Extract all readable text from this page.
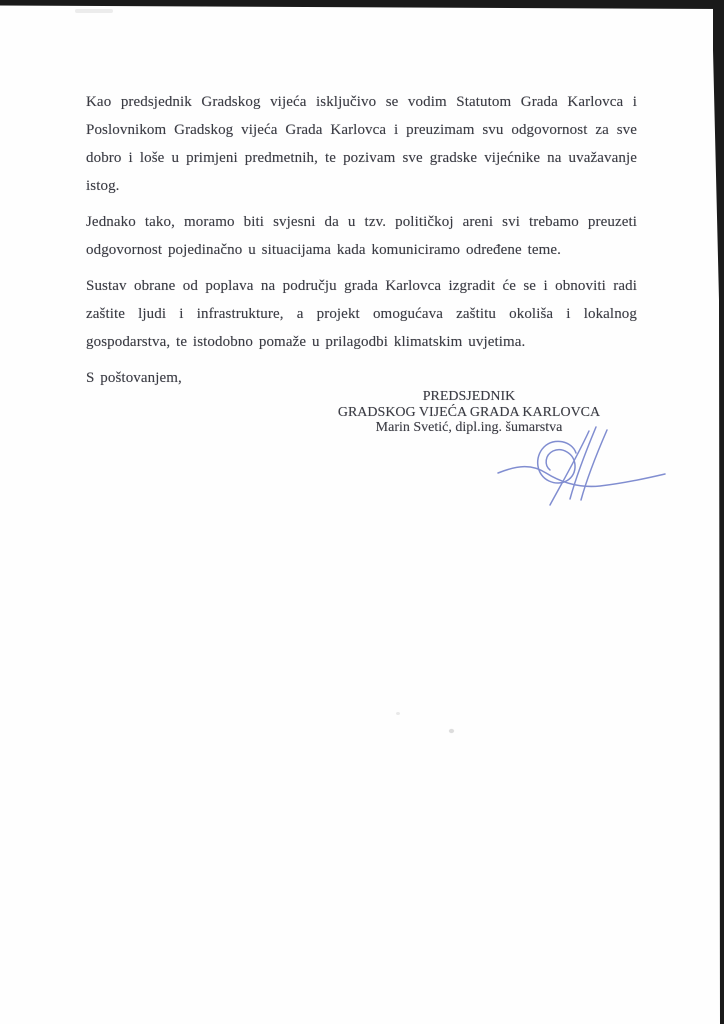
Kao predsjednik Gradskog vijeća isključivo se vodim Statutom Grada Karlovca i Poslovnikom Gradskog vijeća Grada Karlovca i preuzimam svu odgovornost za sve dobro i loše u primjeni predmetnih, te pozivam sve gradske vijećnike na uvažavanje istog.

Jednako tako, moramo biti svjesni da u tzv. političkoj areni svi trebamo preuzeti odgovornost pojedinačno u situacijama kada komuniciramo određene teme.

Sustav obrane od poplava na području grada Karlovca izgradit će se i obnoviti radi zaštite ljudi i infrastrukture, a projekt omogućava zaštitu okoliša i lokalnog gospodarstva, te istodobno pomaže u prilagodbi klimatskim uvjetima.

S poštovanjem,

PREDSJEDNIK
GRADSKOG VIJEĆA GRADA KARLOVCA
Marin Svetić, dipl.ing. šumarstva
